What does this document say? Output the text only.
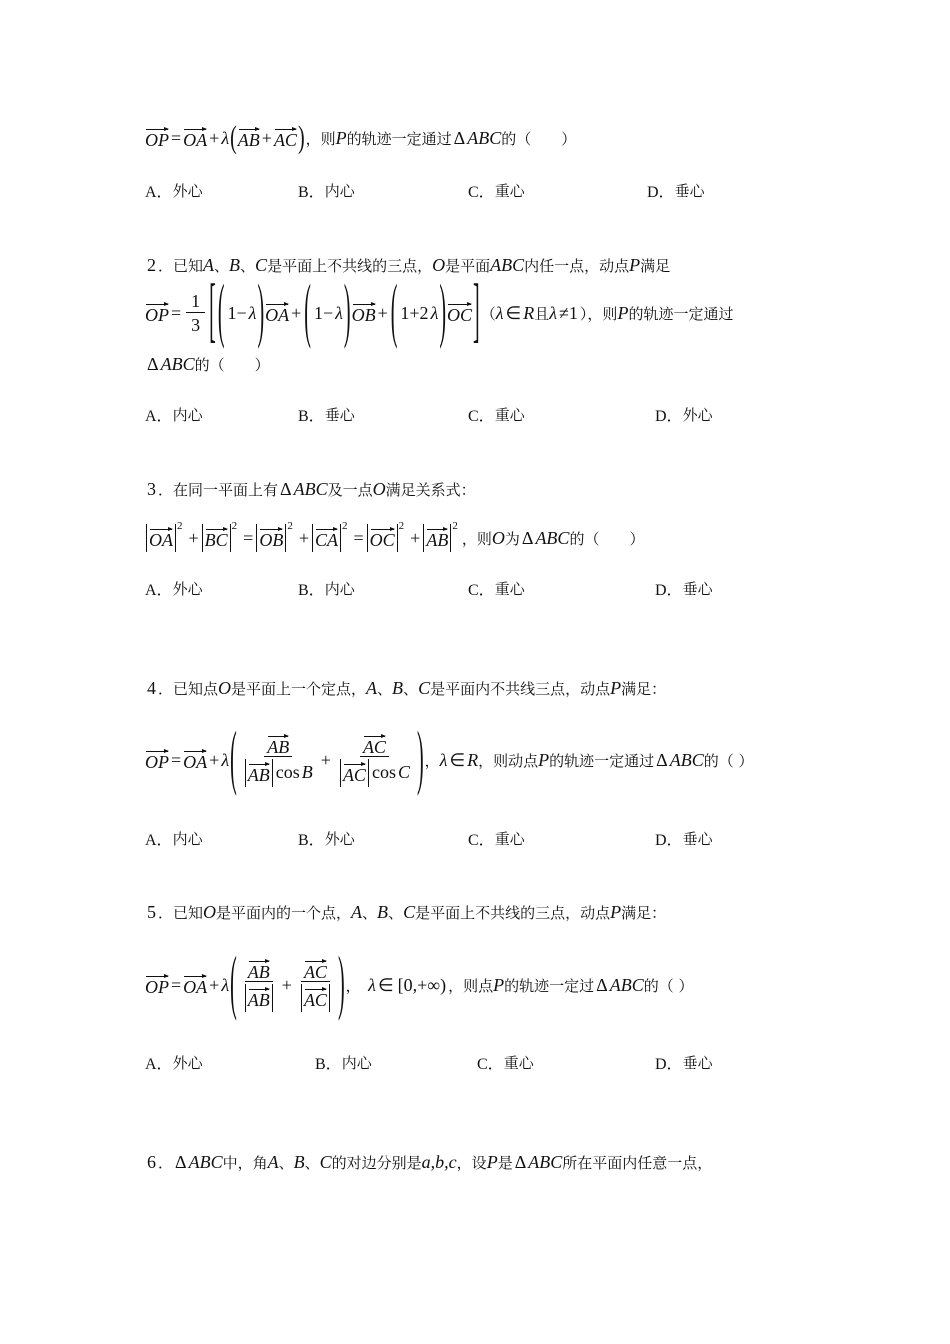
OP = OA + λ ( AB + AC ) ，则 P 的轨迹一定通过 Δ ABC 的（　　）
2 ．已知 A 、 B 、 C 是平面上不共线的三点， O 是平面 ABC 内任一点，动点 P 满足
OP = $\frac{1}{3}$ [ ( 1− λ ) OA + ( 1− λ ) OB + ( 1+2 λ ) OC ] （ λ ∈ R 且 λ ≠1 ），则 P 的轨迹一定通过
Δ ABC 的（　　）
3 ．在同一平面上有 Δ ABC 及一点 O 满足关系式：
OA
2
+ BC
2
= OB
2
+ CA
2
= OC
2
+ AB
2
，则 O 为 Δ ABC 的（　　）
4 ．已知点 O 是平面上一个定点， A 、 B 、 C 是平面内不共线三点，动点 P 满足：
OP = OA + λ ( $\frac{AB}{\text{AB cos B}} + \frac{AC}{\text{AC cos C}}$ ) ， λ ∈ R ，则动点 P 的轨迹一定通过 Δ ABC 的（ ）
5 ．已知 O 是平面内的一个点， A 、 B 、 C 是平面上不共线的三点，动点 P 满足：
OP = OA + λ ( $\frac{AB}{AB} + \frac{AC}{AC}$ ) ，　 λ ∈ [0,+∞) ，则点 P 的轨迹一定过 Δ ABC 的（ ）
6 ． Δ ABC 中，角 A 、 B 、 C 的对边分别是 a,b,c ，设 P 是 Δ ABC 所在平面内任意一点，
A． 外心	B． 内心	C． 重心	D． 垂心
A． 内心	B． 垂心	C． 重心	D． 外心
A． 外心	B． 内心	C． 重心	D． 垂心
A． 内心	B． 外心	C． 重心	D． 垂心
A． 外心	B． 内心	C． 重心	D． 垂心
